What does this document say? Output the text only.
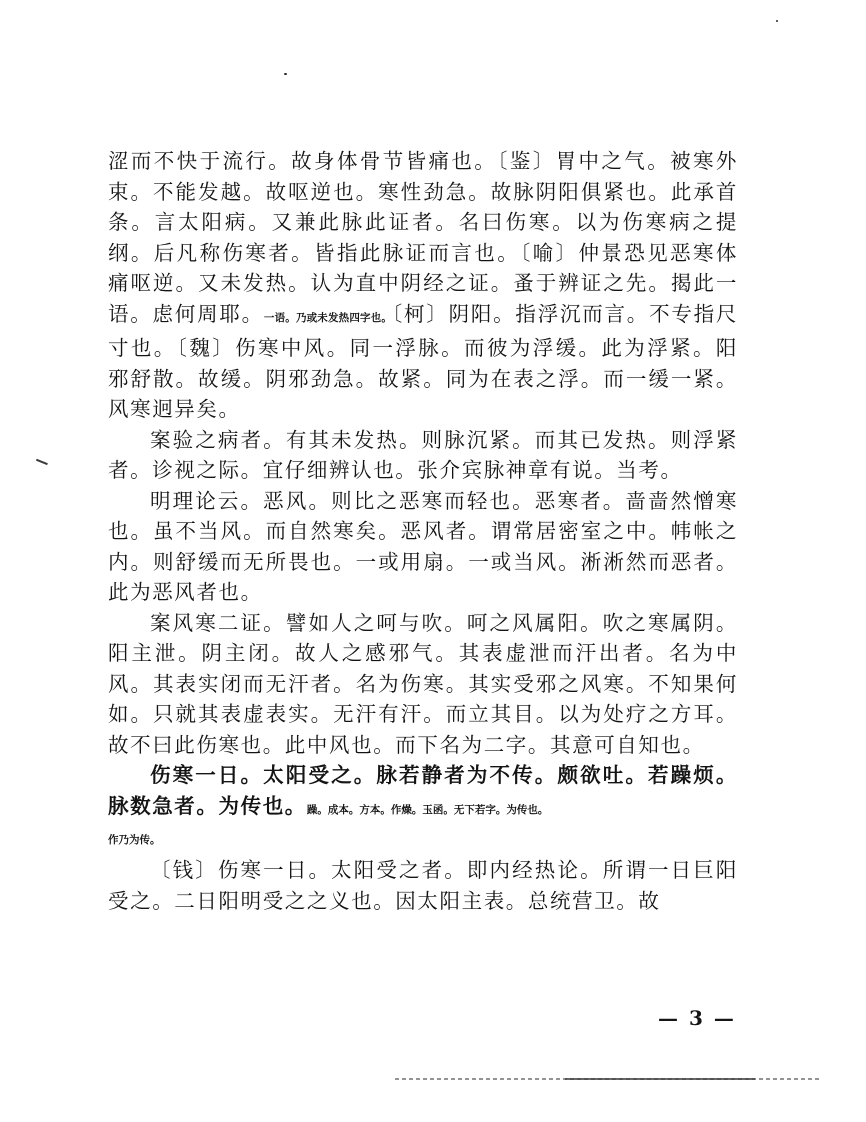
涩而不快于流行。故身体骨节皆痛也。〔鉴〕胃中之气。被寒外束。不能发越。故呕逆也。寒性劲急。故脉阴阳俱紧也。此承首条。言太阳病。又兼此脉此证者。名曰伤寒。以为伤寒病之提纲。后凡称伤寒者。皆指此脉证而言也。〔喻〕仲景恐见恶寒体痛呕逆。又未发热。认为直中阴经之证。蚤于辨证之先。揭此一语。虑何周耶。一语。乃或未发热四字也。〔柯〕阴阳。指浮沉而言。不专指尺寸也。〔魏〕伤寒中风。同一浮脉。而彼为浮缓。此为浮紧。阳邪舒散。故缓。阴邪劲急。故紧。同为在表之浮。而一缓一紧。风寒迥异矣。

案验之病者。有其未发热。则脉沉紧。而其已发热。则浮紧者。诊视之际。宜仔细辨认也。张介宾脉神章有说。当考。

明理论云。恶风。则比之恶寒而轻也。恶寒者。啬啬然憎寒也。虽不当风。而自然寒矣。恶风者。谓常居密室之中。帏帐之内。则舒缓而无所畏也。一或用扇。一或当风。淅淅然而恶者。此为恶风者也。

案风寒二证。譬如人之呵与吹。呵之风属阳。吹之寒属阴。阳主泄。阴主闭。故人之感邪气。其表虚泄而汗出者。名为中风。其表实闭而无汗者。名为伤寒。其实受邪之风寒。不知果何如。只就其表虚表实。无汗有汗。而立其目。以为处疗之方耳。故不曰此伤寒也。此中风也。而下名为二字。其意可自知也。

伤寒一日。太阳受之。脉若静者为不传。颇欲吐。若躁烦。脉数急者。为传也。躁。成本。方本。作燥。玉函。无下若字。为传也。
作乃为传。

〔钱〕伤寒一日。太阳受之者。即内经热论。所谓一日巨阳受之。二日阳明受之之义也。因太阳主表。总统营卫。故

— 3 —
